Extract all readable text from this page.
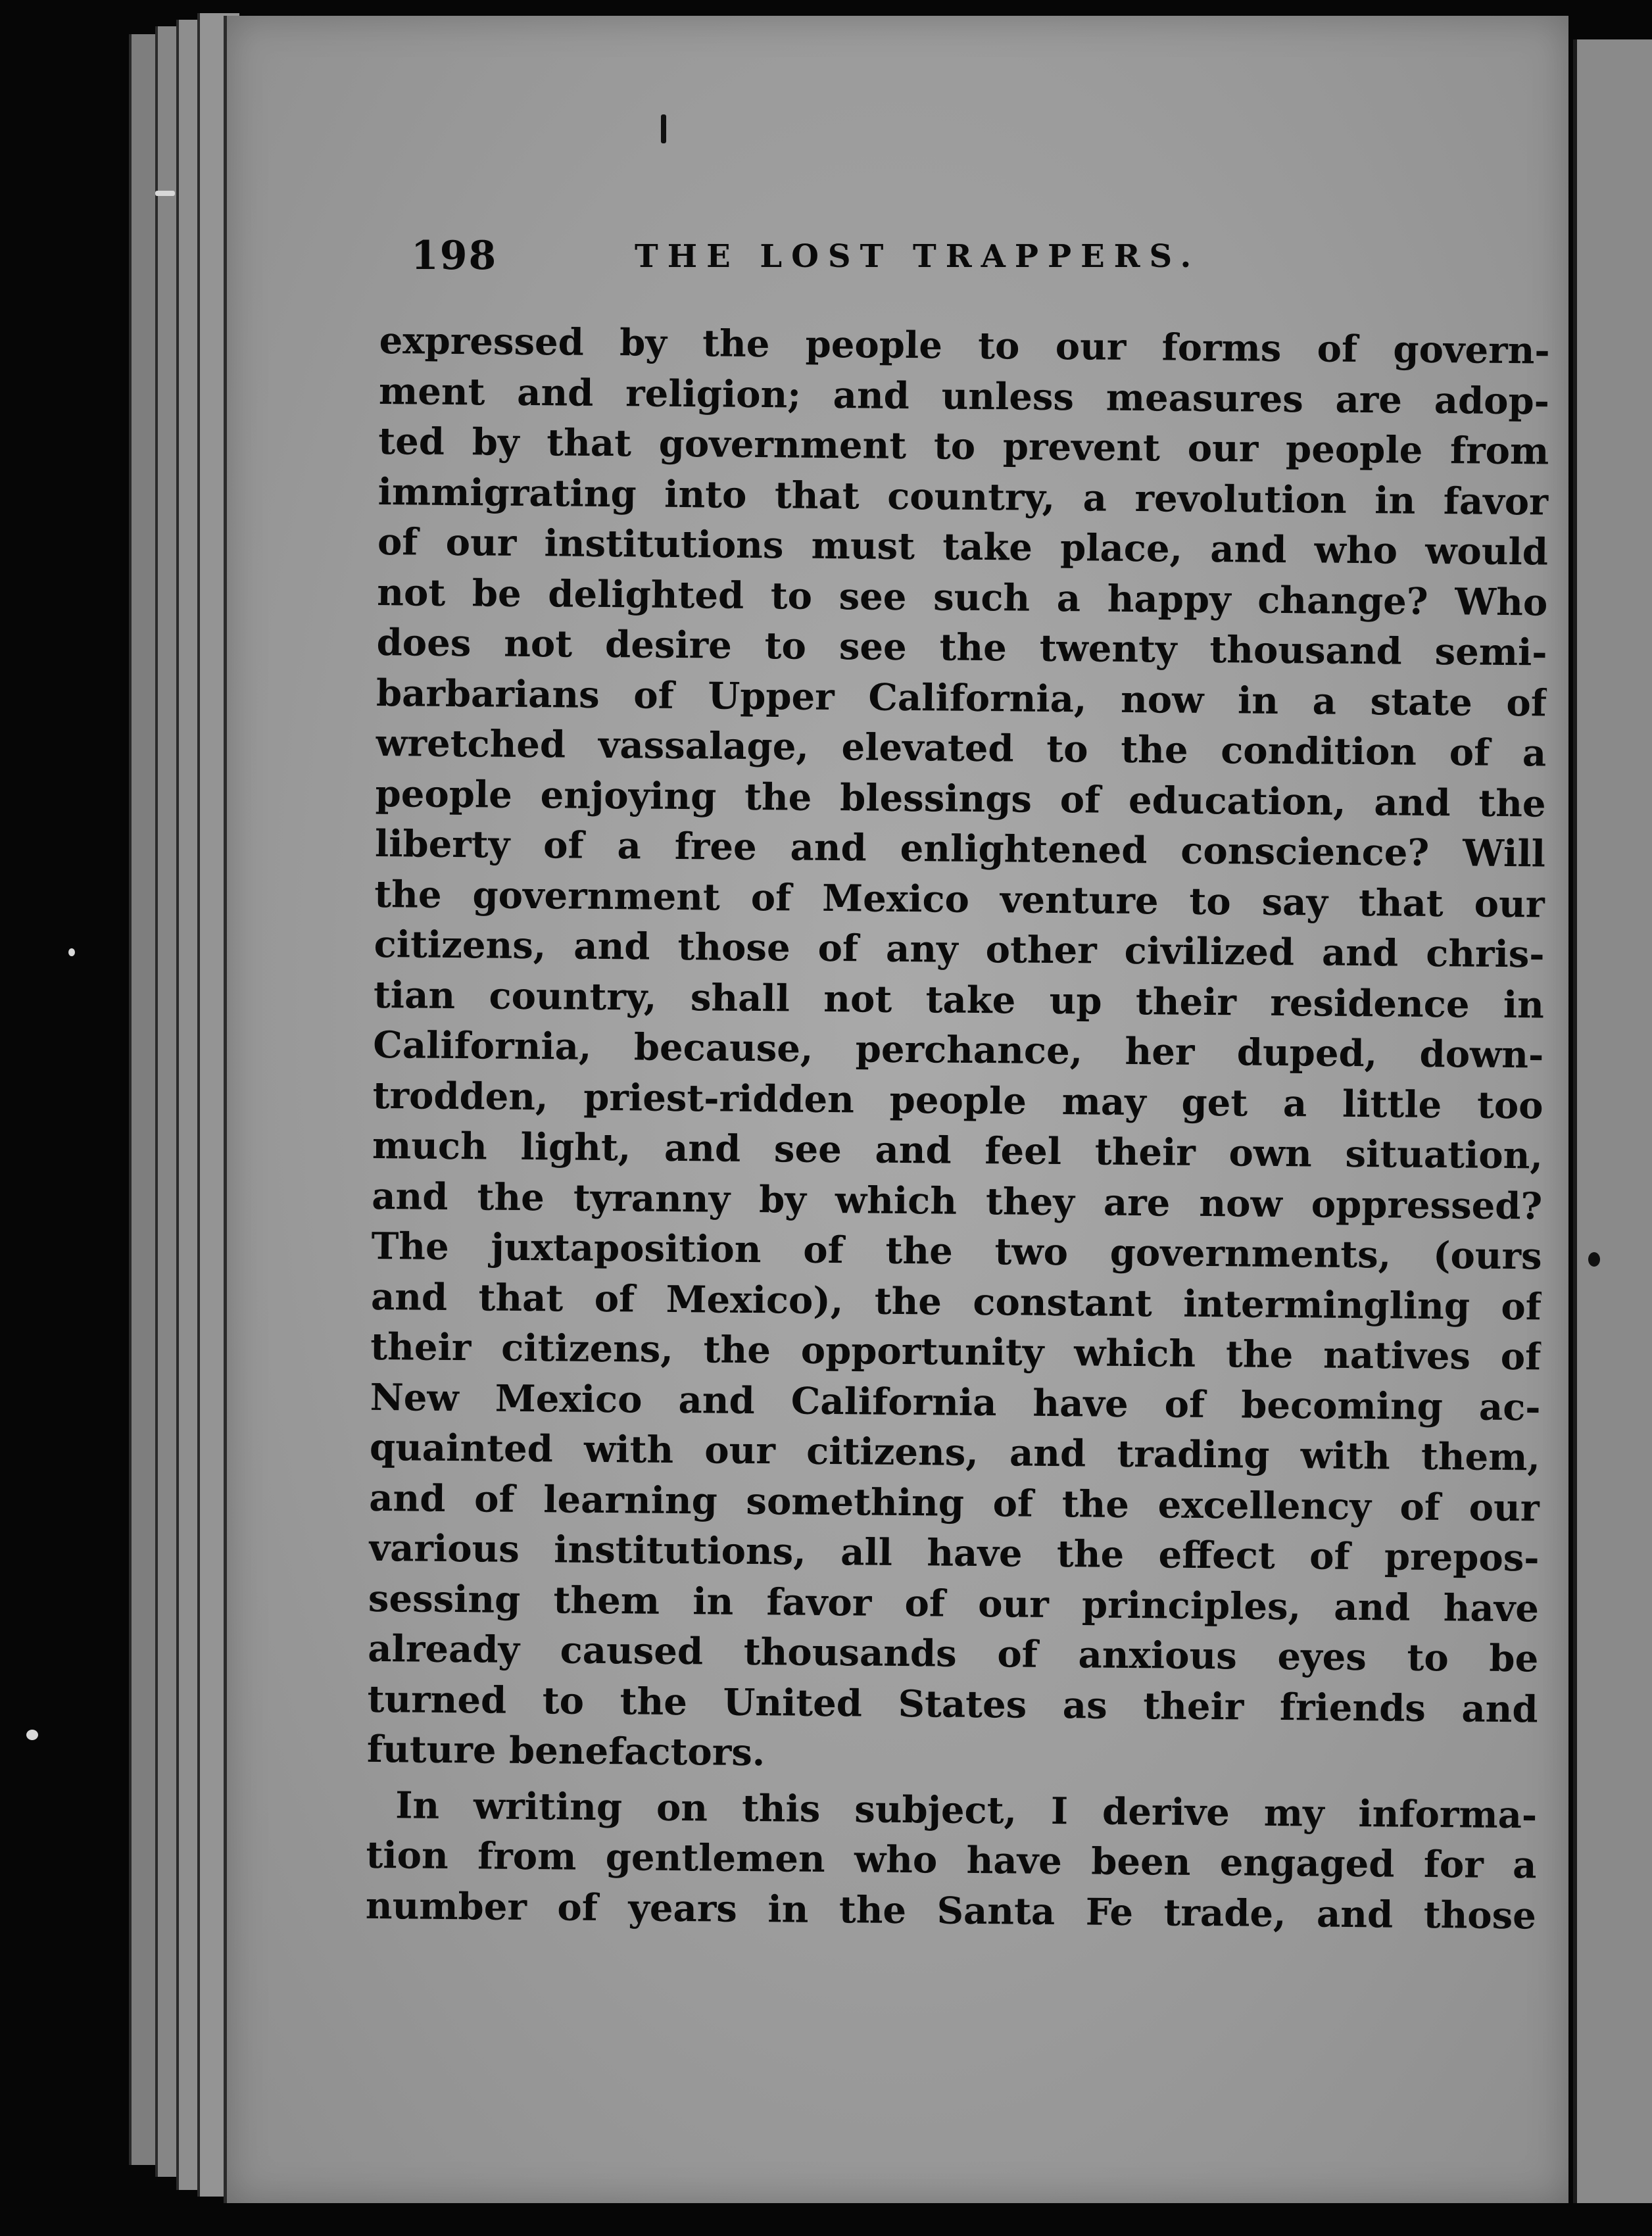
198	THE LOST TRAPPERS.
expressed by the people to our forms of govern-
ment and religion; and unless measures are adop-
ted by that government to prevent our people from
immigrating into that country, a revolution in favor
of our institutions must take place, and who would
not be delighted to see such a happy change? Who
does not desire to see the twenty thousand semi-
barbarians of Upper California, now in a state of
wretched vassalage, elevated to the condition of a
people enjoying the blessings of education, and the
liberty of a free and enlightened conscience? Will
the government of Mexico venture to say that our
citizens, and those of any other civilized and chris-
tian country, shall not take up their residence in
California, because, perchance, her duped, down-
trodden, priest-ridden people may get a little too
much light, and see and feel their own situation,
and the tyranny by which they are now oppressed?
The juxtaposition of the two governments, (ours
and that of Mexico), the constant intermingling of
their citizens, the opportunity which the natives of
New Mexico and California have of becoming ac-
quainted with our citizens, and trading with them,
and of learning something of the excellency of our
various institutions, all have the effect of prepos-
sessing them in favor of our principles, and have
already caused thousands of anxious eyes to be
turned to the United States as their friends and
future benefactors.
In writing on this subject, I derive my informa-
tion from gentlemen who have been engaged for a
number of years in the Santa Fe trade, and those
